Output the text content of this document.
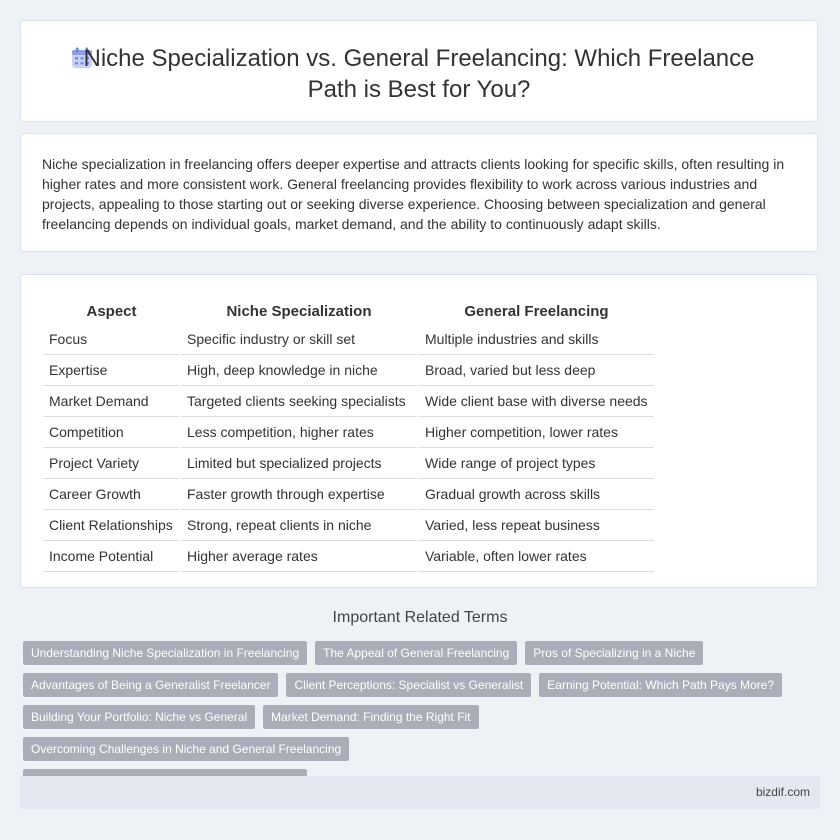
Niche Specialization vs. General Freelancing: Which Freelance Path is Best for You?

Niche specialization in freelancing offers deeper expertise and attracts clients looking for specific skills, often resulting in higher rates and more consistent work. General freelancing provides flexibility to work across various industries and projects, appealing to those starting out or seeking diverse experience. Choosing between specialization and general freelancing depends on individual goals, market demand, and the ability to continuously adapt skills.

Aspect	Niche Specialization	General Freelancing
Focus	Specific industry or skill set	Multiple industries and skills
Expertise	High, deep knowledge in niche	Broad, varied but less deep
Market Demand	Targeted clients seeking specialists	Wide client base with diverse needs
Competition	Less competition, higher rates	Higher competition, lower rates
Project Variety	Limited but specialized projects	Wide range of project types
Career Growth	Faster growth through expertise	Gradual growth across skills
Client Relationships	Strong, repeat clients in niche	Varied, less repeat business
Income Potential	Higher average rates	Variable, often lower rates
Important Related Terms
Understanding Niche Specialization in Freelancing	The Appeal of General Freelancing	Pros of Specializing in a Niche
Advantages of Being a Generalist Freelancer	Client Perceptions: Specialist vs Generalist	Earning Potential: Which Path Pays More?
Building Your Portfolio: Niche vs General	Market Demand: Finding the Right Fit
Overcoming Challenges in Niche and General Freelancing
bizdif.com
